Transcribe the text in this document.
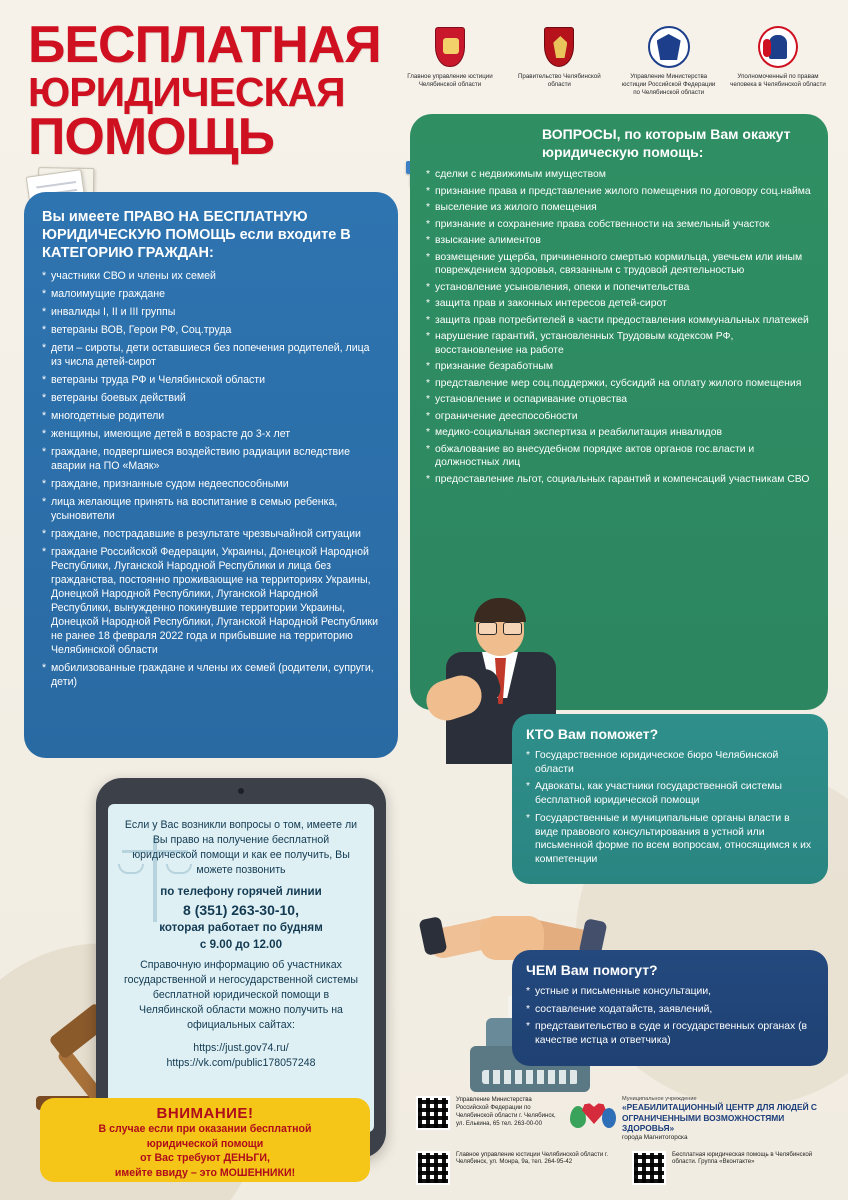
БЕСПЛАТНАЯ
ЮРИДИЧЕСКАЯ
ПОМОЩЬ
Главное управление юстиции Челябинской области
Правительство Челябинской области
Управление Министерства юстиции Российской Федерации по Челябинской области
Уполномоченный по правам человека в Челябинской области
Вы имеете ПРАВО НА БЕСПЛАТНУЮ ЮРИДИЧЕСКУЮ ПОМОЩЬ если входите В КАТЕГОРИЮ ГРАЖДАН:
* участники СВО и члены их семей
* малоимущие граждане
* инвалиды I, II и III группы
* ветераны ВОВ, Герои РФ, Соц.труда
* дети – сироты, дети оставшиеся без попечения родителей, лица из числа детей-сирот
* ветераны труда РФ и Челябинской области
* ветераны боевых действий
* многодетные родители
* женщины, имеющие детей в возрасте до 3-х лет
* граждане, подвергшиеся воздействию радиации вследствие аварии на ПО «Маяк»
* граждане, признанные судом недееспособными
* лица желающие принять на воспитание в семью ребенка, усыновители
* граждане, пострадавшие в результате чрезвычайной ситуации
* граждане Российской Федерации, Украины, Донецкой Народной Республики, Луганской Народной Республики и лица без гражданства, постоянно проживающие на территориях Украины, Донецкой Народной Республики, Луганской Народной Республики, вынужденно покинувшие территории Украины, Донецкой Народной Республики, Луганской Народной Республики не ранее 18 февраля 2022 года и прибывшие на территорию Челябинской области
* мобилизованные граждане и члены их семей (родители, супруги, дети)
ВОПРОСЫ, по которым Вам окажут юридическую помощь:
* сделки с недвижимым имуществом
* признание права и представление жилого помещения по договору соц.найма
* выселение из жилого помещения
* признание и сохранение права собственности на земельный участок
* взыскание алиментов
* возмещение ущерба, причиненного смертью кормильца, увечьем или иным повреждением здоровья, связанным с трудовой деятельностью
* установление усыновления, опеки и попечительства
* защита прав и законных интересов детей-сирот
* защита прав потребителей в части предоставления коммунальных платежей
* нарушение гарантий, установленных Трудовым кодексом РФ, восстановление на работе
* признание безработным
* представление мер соц.поддержки, субсидий на оплату жилого помещения
* установление и оспаривание отцовства
* ограничение дееспособности
* медико-социальная экспертиза и реабилитация инвалидов
* обжалование во внесудебном порядке актов органов гос.власти и должностных лиц
* предоставление льгот, социальных гарантий и компенсаций участникам СВО
КТО Вам поможет?
* Государственное юридическое бюро Челябинской области
* Адвокаты, как участники государственной системы бесплатной юридической помощи
* Государственные и муниципальные органы власти в виде правового консультирования в устной или письменной форме по всем вопросам, относящимся к их компетенции
ЧЕМ Вам помогут?
* устные и письменные консультации,
* составление ходатайств, заявлений,
* представительство в суде и государственных органах (в качестве истца и ответчика)
Если у Вас возникли вопросы о том, имеете ли Вы право на получение бесплатной юридической помощи и как ее получить, Вы можете позвонить
по телефону горячей линии
8 (351) 263-30-10,
которая работает по будням
с 9.00 до 12.00
Справочную информацию об участниках государственной и негосударственной системы бесплатной юридической помощи в Челябинской области можно получить на официальных сайтах:
https://just.gov74.ru/
https://vk.com/public178057248
ВНИМАНИЕ!
В случае если при оказании бесплатной
юридической помощи
от Вас требуют ДЕНЬГИ,
имейте ввиду – это МОШЕННИКИ!
Управление Министерства Российской Федерации по Челябинской области г. Челябинск, ул. Елькина, 65 тел. 263-00-00
Муниципальное учреждение
«РЕАБИЛИТАЦИОННЫЙ ЦЕНТР ДЛЯ ЛЮДЕЙ С ОГРАНИЧЕННЫМИ ВОЗМОЖНОСТЯМИ ЗДОРОВЬЯ»
города Магнитогорска
Главное управление юстиции Челябинской области г. Челябинск, ул. Монра, 9а, тел. 264-95-42
Бесплатная юридическая помощь в Челябинской области. Группа «Вконтакте»
